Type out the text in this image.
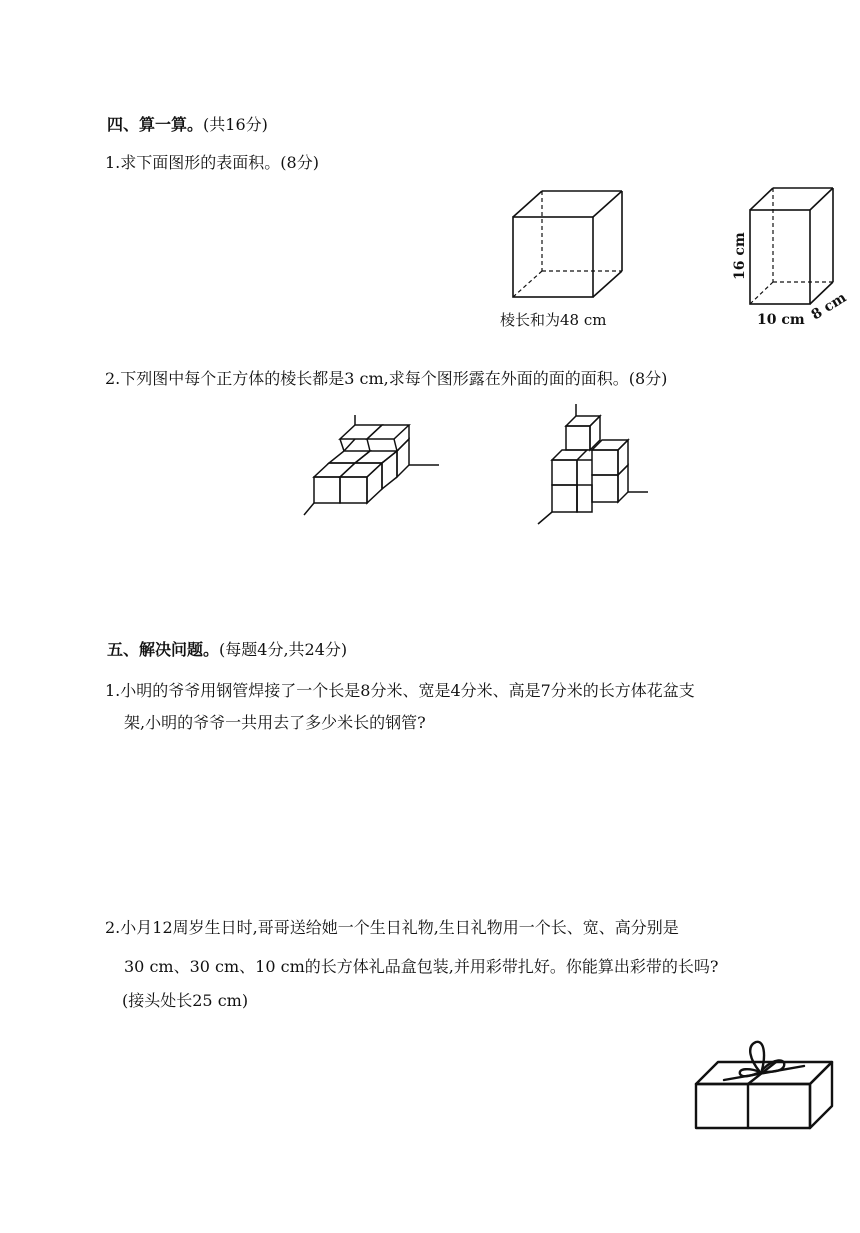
四、算一算。(共16分)
1.求下面图形的表面积。(8分)
棱长和为48 cm
16 cm
10 cm 8 cm
2.下列图中每个正方体的棱长都是3 cm,求每个图形露在外面的面的面积。(8分)
五、解决问题。(每题4分,共24分)
1.小明的爷爷用钢管焊接了一个长是8分米、宽是4分米、高是7分米的长方体花盆支
架,小明的爷爷一共用去了多少米长的钢管?
2.小月12周岁生日时,哥哥送给她一个生日礼物,生日礼物用一个长、宽、高分别是
30 cm、30 cm、10 cm的长方体礼品盒包装,并用彩带扎好。你能算出彩带的长吗?
(接头处长25 cm)
